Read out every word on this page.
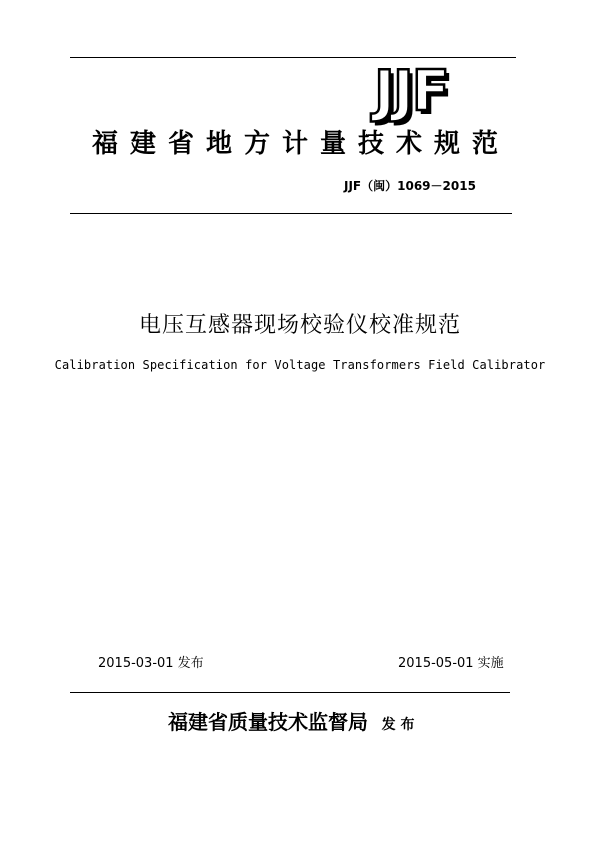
JJF
福建省地方计量技术规范
JJF（闽）1069－2015
电压互感器现场校验仪校准规范
Calibration Specification for Voltage Transformers Field Calibrator
2015-03-01 发布	2015-05-01 实施
福建省质量技术监督局 发 布
